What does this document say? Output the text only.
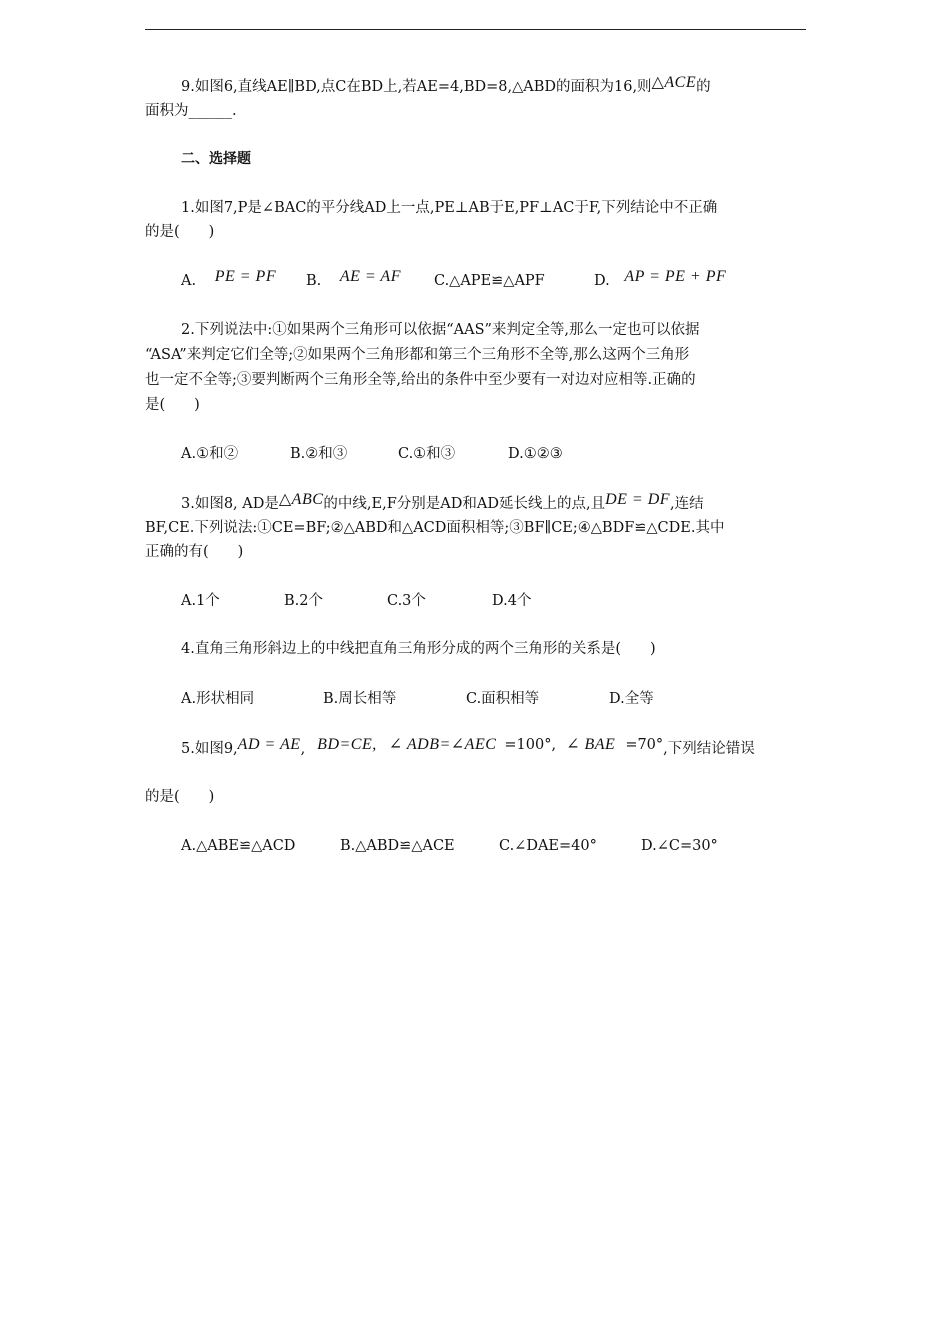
9.如图6,直线AE∥BD,点C在BD上,若AE=4,BD=8,△ABD的面积为16,则△ACE的
面积为______.
二、选择题
1.如图7,P是∠BAC的平分线AD上一点,PE⊥AB于E,PF⊥AC于F,下列结论中不正确
的是(　　)
A. PE = PF B. AE = AF C.△APE≌△APF	D. AP = PE + PF
2.下列说法中:①如果两个三角形可以依据“AAS”来判定全等,那么一定也可以依据
“ASA”来判定它们全等;②如果两个三角形都和第三个三角形不全等,那么这两个三角形
也一定不全等;③要判断两个三角形全等,给出的条件中至少要有一对边对应相等.正确的
是(　　)
A.①和②	B.②和③	C.①和③	D.①②③
3.如图8, AD是△ABC的中线,E,F分别是AD和AD延长线上的点,且DE = DF,连结
BF,CE.下列说法:①CE=BF;②△ABD和△ACD面积相等;③BF∥CE;④△BDF≌△CDE.其中
正确的有(　　)
A.1个	B.2个	C.3个	D.4个
4.直角三角形斜边上的中线把直角三角形分成的两个三角形的关系是(　　)
A.形状相同	B.周长相等	C.面积相等	D.全等
5.如图9,AD = AE, BD=CE, ∠ ADB=∠AEC =100°, ∠ BAE =70°,下列结论错误
的是(　　)
A.△ABE≌△ACD	B.△ABD≌△ACE	C.∠DAE=40°	D.∠C=30°
